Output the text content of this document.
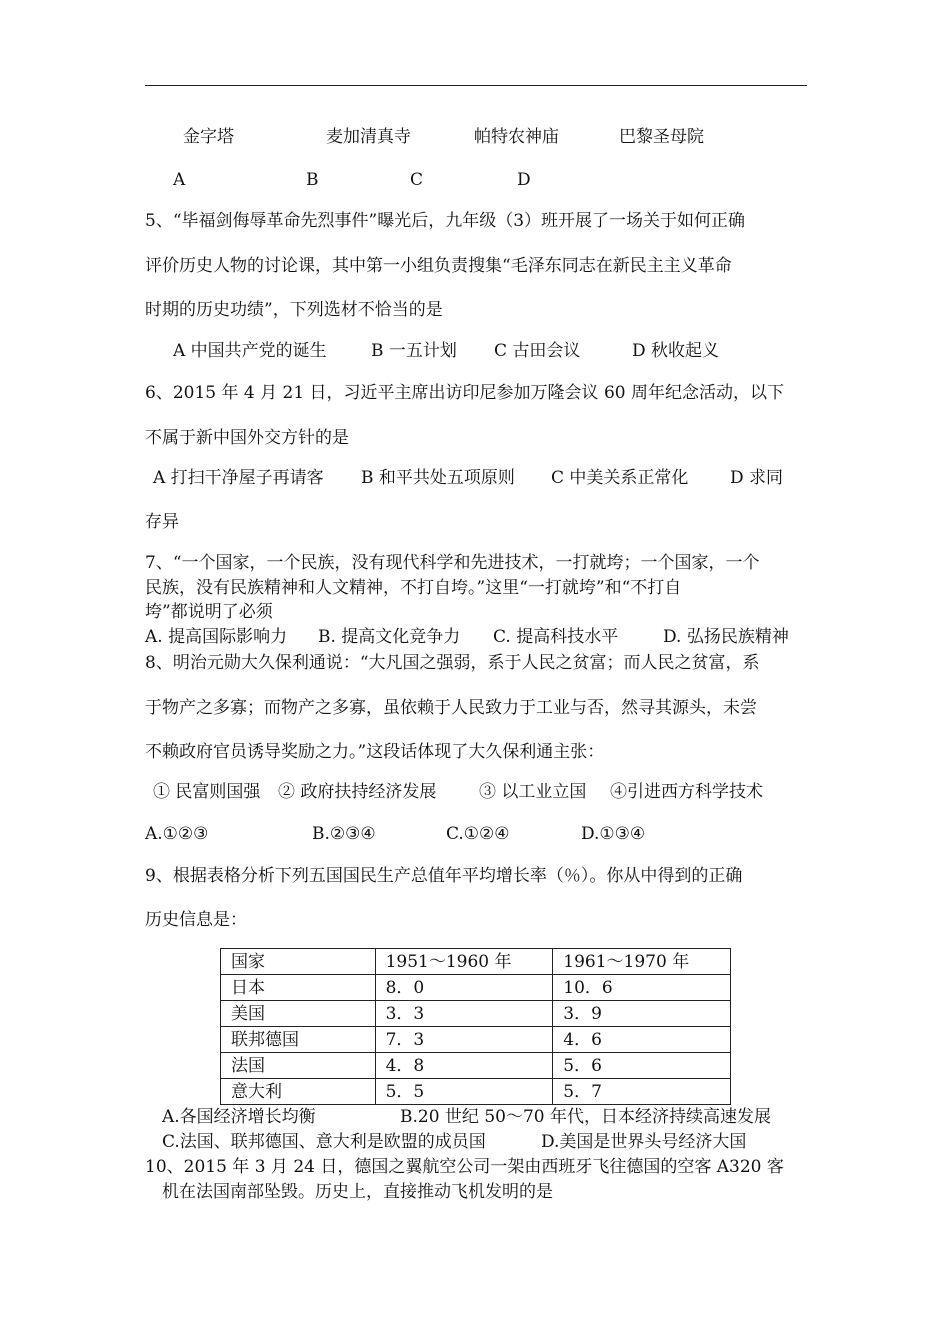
金字塔	麦加清真寺	帕特农神庙	巴黎圣母院
A	B	C	D
5、“毕福剑侮辱革命先烈事件”曝光后，九年级（3）班开展了一场关于如何正确
评价历史人物的讨论课，其中第一小组负责搜集“毛泽东同志在新民主主义革命
时期的历史功绩”，下列选材不恰当的是
A 中国共产党的诞生	B 一五计划 C 古田会议	D 秋收起义
6、2015 年 4 月 21 日，习近平主席出访印尼参加万隆会议 60 周年纪念活动，以下
不属于新中国外交方针的是
A 打扫干净屋子再请客 B 和平共处五项原则 C 中美关系正常化 D 求同
存异
7、“一个国家，一个民族，没有现代科学和先进技术，一打就垮；一个国家，一个
民族，没有民族精神和人文精神，不打自垮。”这里“一打就垮”和“不打自
垮”都说明了必须
A. 提高国际影响力 B. 提高文化竞争力 C. 提高科技水平	D. 弘扬民族精神
8、明治元勋大久保利通说：“大凡国之强弱，系于人民之贫富；而人民之贫富，系
于物产之多寡；而物产之多寡，虽依赖于人民致力于工业与否，然寻其源头，未尝
不赖政府官员诱导奖励之力。”这段话体现了大久保利通主张：
① 民富则国强 ② 政府扶持经济发展	③ 以工业立国 ④引进西方科学技术
A.①②③	B.②③④	C.①②④	D.①③④
9、根据表格分析下列五国国民生产总值年平均增长率（％）。你从中得到的正确
历史信息是：
国家	1951～1960 年	1961～1970 年
日本	8．0	10．6
美国	3．3	3．9
联邦德国	7．3	4．6
法国	4．8	5．6
意大利	5．5	5．7
A.各国经济增长均衡	B.20 世纪 50～70 年代，日本经济持续高速发展
C.法国、联邦德国、意大利是欧盟的成员国	D.美国是世界头号经济大国
10、2015 年 3 月 24 日，德国之翼航空公司一架由西班牙飞往德国的空客 A320 客
机在法国南部坠毁。历史上，直接推动飞机发明的是
